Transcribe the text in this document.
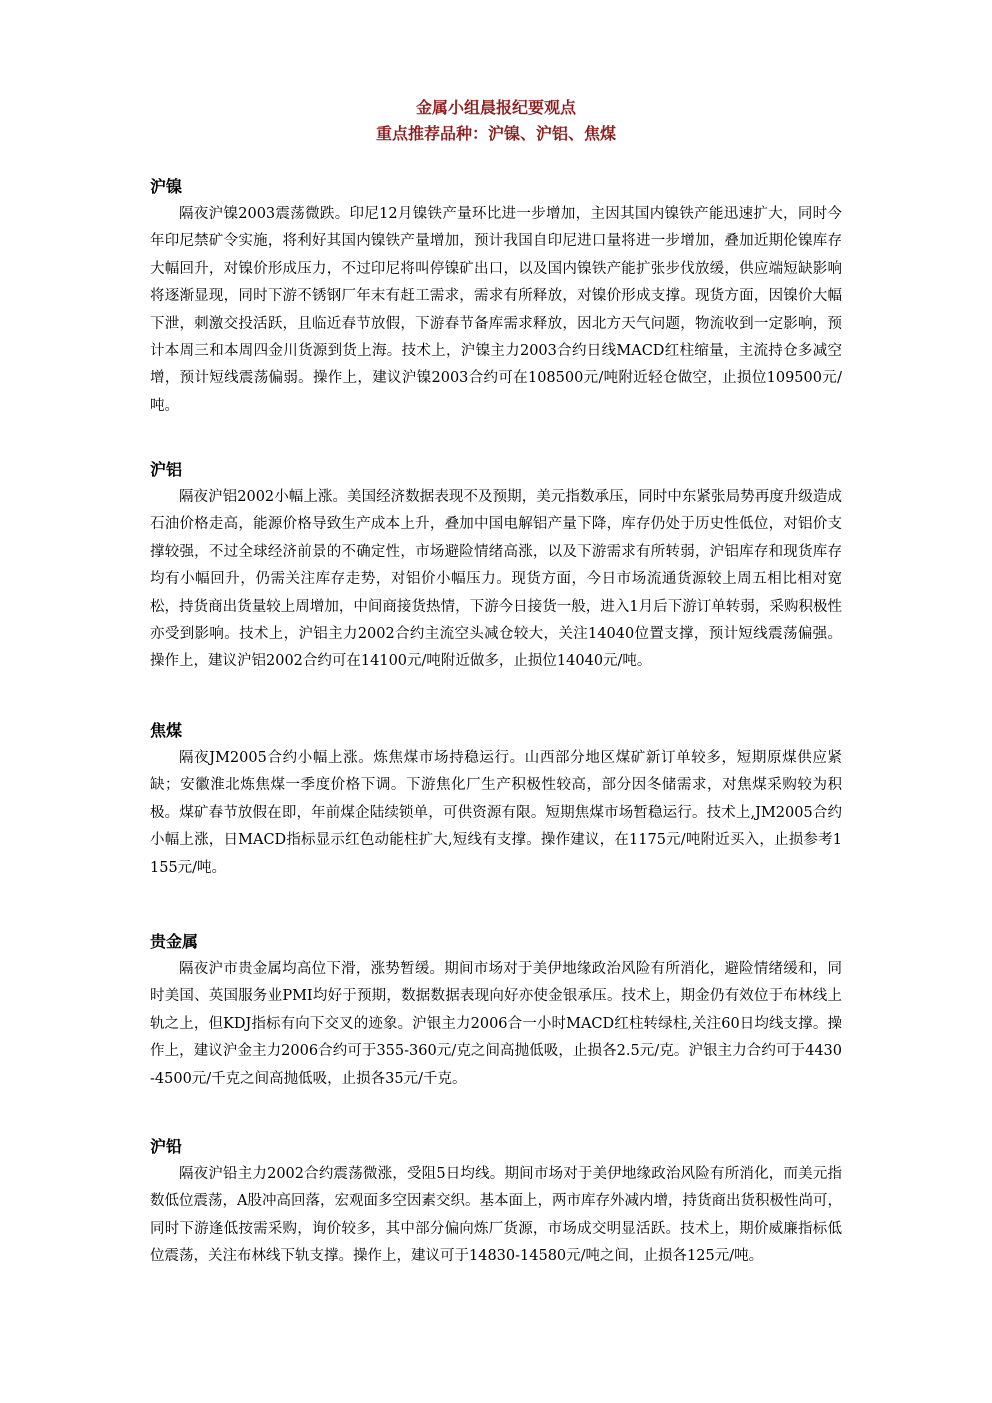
金属小组晨报纪要观点
重点推荐品种：沪镍、沪铝、焦煤
沪镍

隔夜沪镍2003震荡微跌。印尼12月镍铁产量环比进一步增加，主因其国内镍铁产能迅速扩大，同时今年印尼禁矿令实施，将利好其国内镍铁产量增加，预计我国自印尼进口量将进一步增加，叠加近期伦镍库存大幅回升，对镍价形成压力，不过印尼将叫停镍矿出口，以及国内镍铁产能扩张步伐放缓，供应端短缺影响将逐渐显现，同时下游不锈钢厂年末有赶工需求，需求有所释放，对镍价形成支撑。现货方面，因镍价大幅下泄，刺激交投活跃，且临近春节放假，下游春节备库需求释放，因北方天气问题，物流收到一定影响，预计本周三和本周四金川货源到货上海。技术上，沪镍主力2003合约日线MACD红柱缩量，主流持仓多减空增，预计短线震荡偏弱。操作上，建议沪镍2003合约可在108500元/吨附近轻仓做空，止损位109500元/吨。

沪铝

隔夜沪铝2002小幅上涨。美国经济数据表现不及预期，美元指数承压，同时中东紧张局势再度升级造成石油价格走高，能源价格导致生产成本上升，叠加中国电解铝产量下降，库存仍处于历史性低位，对铝价支撑较强，不过全球经济前景的不确定性，市场避险情绪高涨，以及下游需求有所转弱，沪铝库存和现货库存均有小幅回升，仍需关注库存走势，对铝价小幅压力。现货方面，今日市场流通货源较上周五相比相对宽松，持货商出货量较上周增加，中间商接货热情，下游今日接货一般，进入1月后下游订单转弱，采购积极性亦受到影响。技术上，沪铝主力2002合约主流空头减仓较大，关注14040位置支撑，预计短线震荡偏强。操作上，建议沪铝2002合约可在14100元/吨附近做多，止损位14040元/吨。

焦煤

隔夜JM2005合约小幅上涨。炼焦煤市场持稳运行。山西部分地区煤矿新订单较多，短期原煤供应紧缺；安徽淮北炼焦煤一季度价格下调。下游焦化厂生产积极性较高，部分因冬储需求，对焦煤采购较为积极。煤矿春节放假在即，年前煤企陆续锁单，可供资源有限。短期焦煤市场暂稳运行。技术上,JM2005合约小幅上涨，日MACD指标显示红色动能柱扩大,短线有支撑。操作建议，在1175元/吨附近买入，止损参考1155元/吨。

贵金属

隔夜沪市贵金属均高位下滑，涨势暂缓。期间市场对于美伊地缘政治风险有所消化，避险情绪缓和，同时美国、英国服务业PMI均好于预期，数据数据表现向好亦使金银承压。技术上，期金仍有效位于布林线上轨之上，但KDJ指标有向下交叉的迹象。沪银主力2006合一小时MACD红柱转绿柱,关注60日均线支撑。操作上，建议沪金主力2006合约可于355-360元/克之间高抛低吸，止损各2.5元/克。沪银主力合约可于4430-4500元/千克之间高抛低吸，止损各35元/千克。

沪铅

隔夜沪铅主力2002合约震荡微涨，受阻5日均线。期间市场对于美伊地缘政治风险有所消化，而美元指数低位震荡，A股冲高回落，宏观面多空因素交织。基本面上，两市库存外减内增，持货商出货积极性尚可，同时下游逢低按需采购，询价较多，其中部分偏向炼厂货源，市场成交明显活跃。技术上，期价威廉指标低位震荡，关注布林线下轨支撑。操作上，建议可于14830-14580元/吨之间，止损各125元/吨。
